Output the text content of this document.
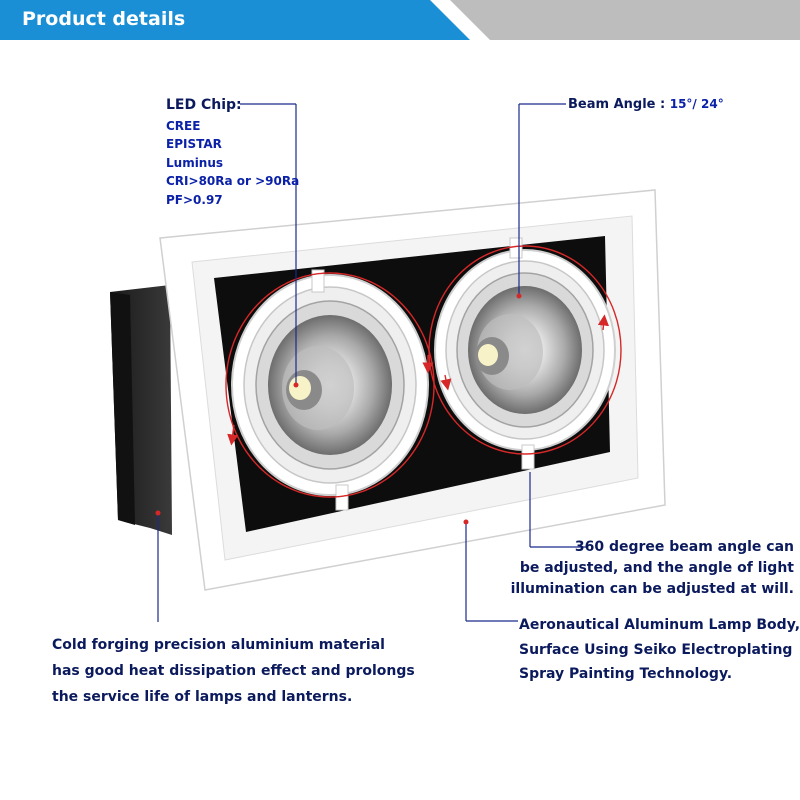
Product details
LED Chip:
CREE
EPISTAR
Luminus
CRI>80Ra or >90Ra
PF>0.97
Beam Angle : 15°/ 24°
360 degree beam angle can
be adjusted, and the angle of light
illumination can be adjusted at will.
Aeronautical Aluminum Lamp Body,
Surface Using Seiko Electroplating
Spray Painting Technology.
Cold forging precision aluminium material
has good heat dissipation effect and prolongs
the service life of lamps and lanterns.
